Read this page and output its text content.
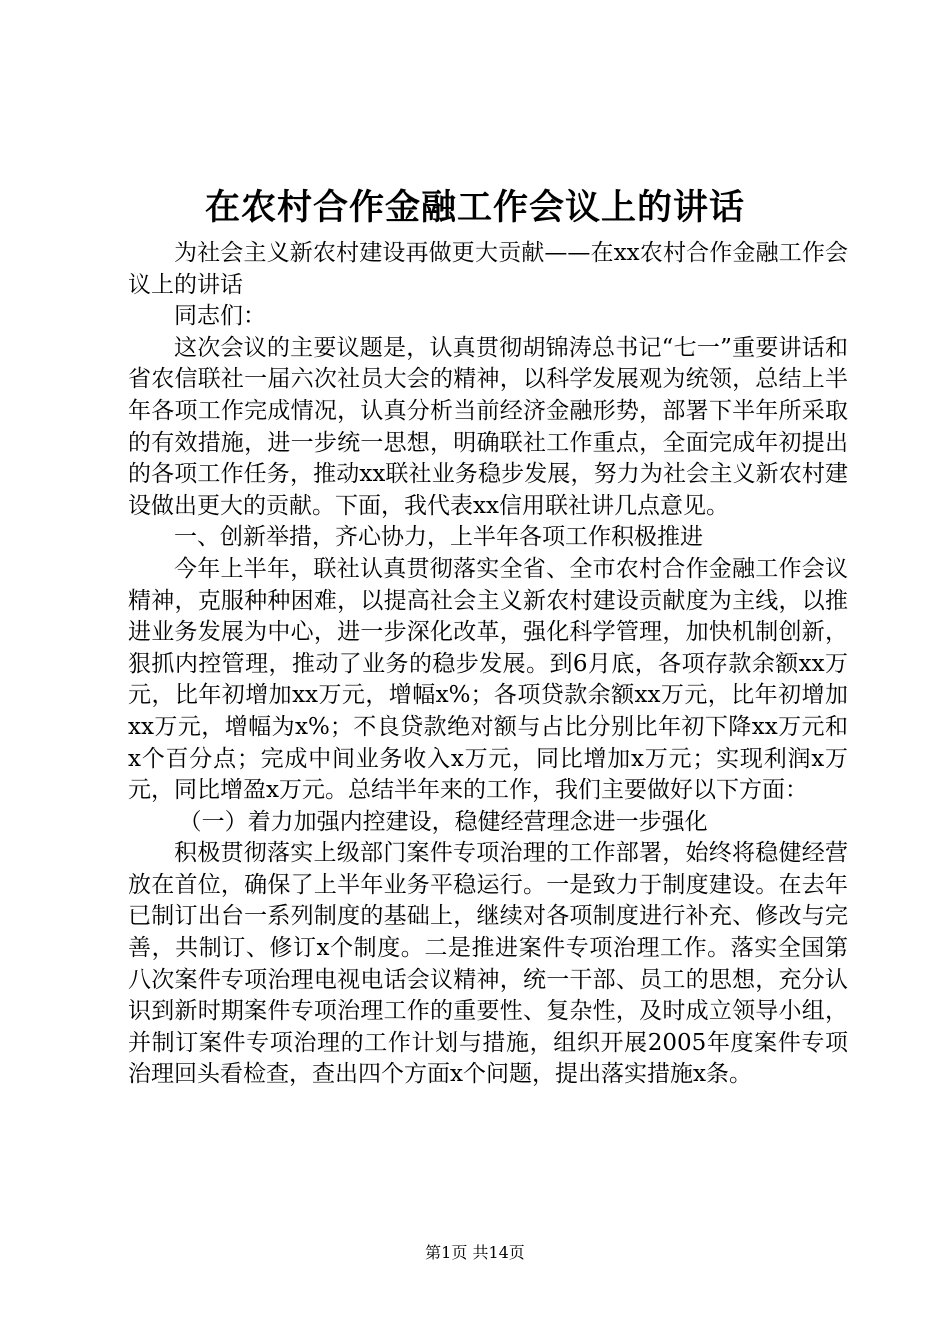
在农村合作金融工作会议上的讲话

为社会主义新农村建设再做更大贡献——在xx农村合作金融工作会议上的讲话

同志们：

这次会议的主要议题是，认真贯彻胡锦涛总书记“七一”重要讲话和省农信联社一届六次社员大会的精神，以科学发展观为统领，总结上半年各项工作完成情况，认真分析当前经济金融形势，部署下半年所采取的有效措施，进一步统一思想，明确联社工作重点，全面完成年初提出的各项工作任务，推动xx联社业务稳步发展，努力为社会主义新农村建设做出更大的贡献。下面，我代表xx信用联社讲几点意见。

一、创新举措，齐心协力，上半年各项工作积极推进

今年上半年，联社认真贯彻落实全省、全市农村合作金融工作会议精神，克服种种困难，以提高社会主义新农村建设贡献度为主线，以推进业务发展为中心，进一步深化改革，强化科学管理，加快机制创新，狠抓内控管理，推动了业务的稳步发展。到6月底，各项存款余额xx万元，比年初增加xx万元，增幅x%；各项贷款余额xx万元，比年初增加xx万元，增幅为x%；不良贷款绝对额与占比分别比年初下降xx万元和x个百分点；完成中间业务收入x万元，同比增加x万元；实现利润x万元，同比增盈x万元。总结半年来的工作，我们主要做好以下方面：

（一）着力加强内控建设，稳健经营理念进一步强化

积极贯彻落实上级部门案件专项治理的工作部署，始终将稳健经营放在首位，确保了上半年业务平稳运行。一是致力于制度建设。在去年已制订出台一系列制度的基础上，继续对各项制度进行补充、修改与完善，共制订、修订x个制度。二是推进案件专项治理工作。落实全国第八次案件专项治理电视电话会议精神，统一干部、员工的思想，充分认识到新时期案件专项治理工作的重要性、复杂性，及时成立领导小组，并制订案件专项治理的工作计划与措施，组织开展2005年度案件专项治理回头看检查，查出四个方面x个问题，提出落实措施x条。

第1页 共14页
